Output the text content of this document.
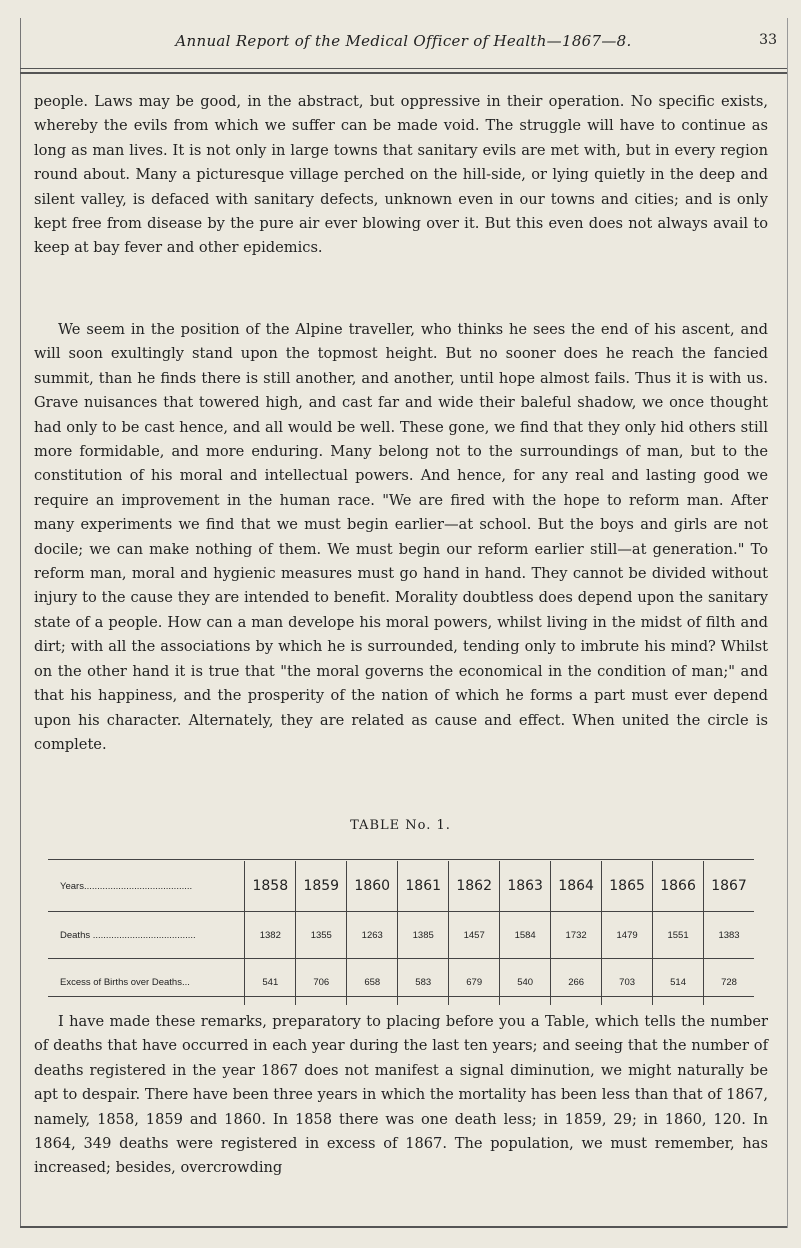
Annual Report of the Medical Officer of Health—1867—8.	33
people. Laws may be good, in the abstract, but oppressive in their operation. No specific exists, whereby the evils from which we suffer can be made void. The struggle will have to continue as long as man lives. It is not only in large towns that sanitary evils are met with, but in every region round about. Many a picturesque village perched on the hill-side, or lying quietly in the deep and silent valley, is defaced with sanitary defects, unknown even in our towns and cities; and is only kept free from disease by the pure air ever blowing over it. But this even does not always avail to keep at bay fever and other epidemics.
We seem in the position of the Alpine traveller, who thinks he sees the end of his ascent, and will soon exultingly stand upon the topmost height. But no sooner does he reach the fancied summit, than he finds there is still another, and another, until hope almost fails. Thus it is with us. Grave nuisances that towered high, and cast far and wide their baleful shadow, we once thought had only to be cast hence, and all would be well. These gone, we find that they only hid others still more formidable, and more enduring. Many belong not to the surroundings of man, but to the constitution of his moral and intellectual powers. And hence, for any real and lasting good we require an improvement in the human race. "We are fired with the hope to reform man. After many experiments we find that we must begin earlier—at school. But the boys and girls are not docile; we can make nothing of them. We must begin our reform earlier still—at generation." To reform man, moral and hygienic measures must go hand in hand. They cannot be divided without injury to the cause they are intended to benefit. Morality doubtless does depend upon the sanitary state of a people. How can a man develope his moral powers, whilst living in the midst of filth and dirt; with all the associations by which he is surrounded, tending only to imbrute his mind? Whilst on the other hand it is true that "the moral governs the economical in the condition of man;" and that his happiness, and the prosperity of the nation of which he forms a part must ever depend upon his character. Alternately, they are related as cause and effect. When united the circle is complete.
TABLE No. 1.
Years.........................................	1858	1859	1860	1861	1862	1863	1864	1865	1866	1867
Deaths .......................................	1382	1355	1263	1385	1457	1584	1732	1479	1551	1383
Excess of Births over Deaths...	541	706	658	583	679	540	266	703	514	728
I have made these remarks, preparatory to placing before you a Table, which tells the number of deaths that have occurred in each year during the last ten years; and seeing that the number of deaths registered in the year 1867 does not manifest a signal diminution, we might naturally be apt to despair. There have been three years in which the mortality has been less than that of 1867, namely, 1858, 1859 and 1860. In 1858 there was one death less; in 1859, 29; in 1860, 120. In 1864, 349 deaths were registered in excess of 1867. The population, we must remember, has increased; besides, overcrowding
